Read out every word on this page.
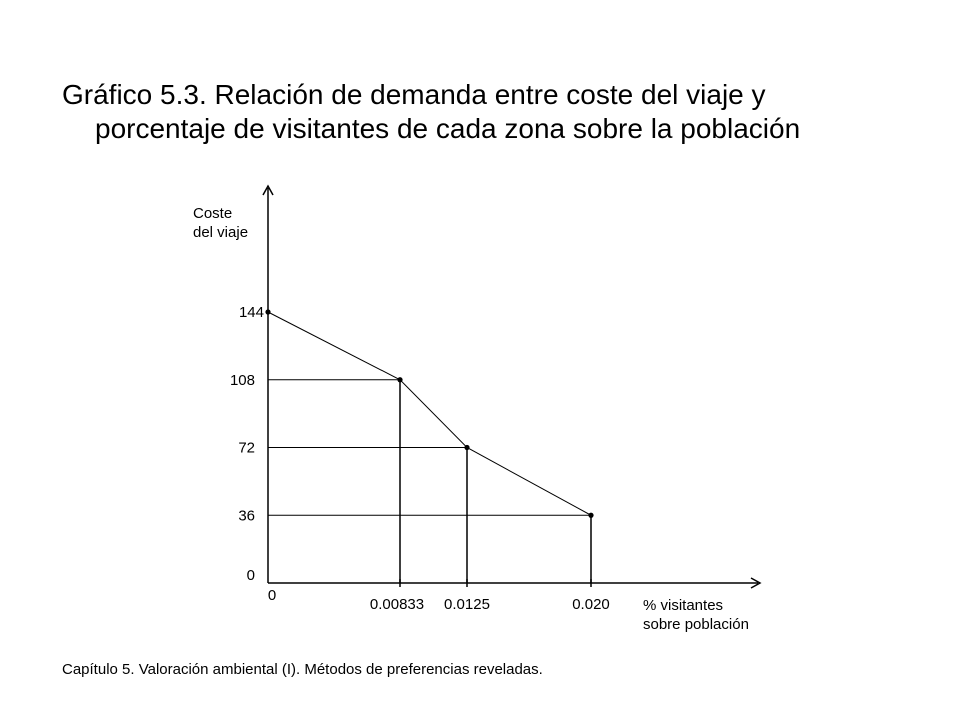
Gráfico 5.3. Relación de demanda entre coste del viaje y
porcentaje de visitantes de cada zona sobre la población
Coste
del viaje
% visitantes
sobre población
0
36
72
108
144
0
0.00833 0.0125	0.020
Capítulo 5. Valoración ambiental (I). Métodos de preferencias reveladas.
